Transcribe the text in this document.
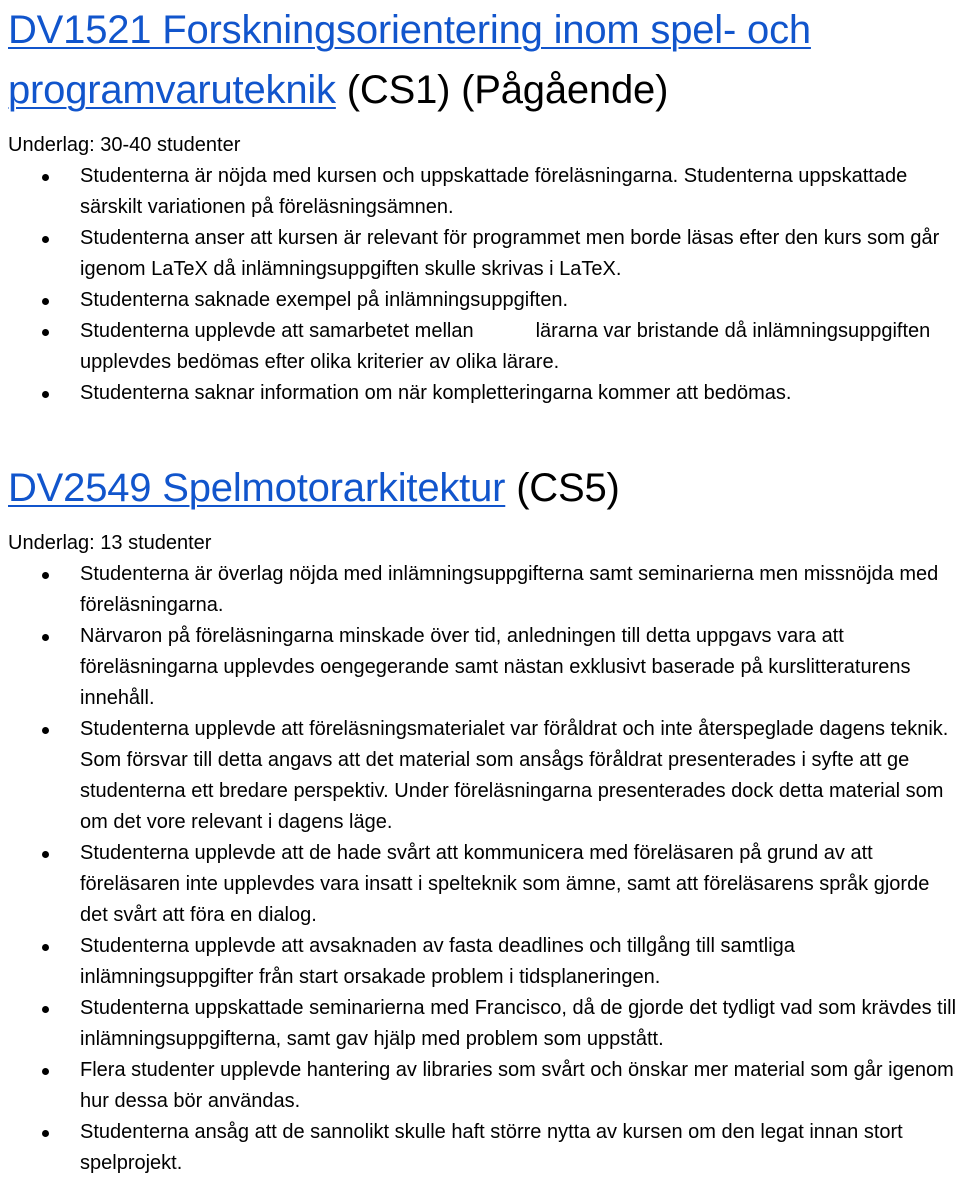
DV1521 Forskningsorientering inom spel- och programvaruteknik (CS1) (Pågående)

Underlag: 30-40 studenter

Studenterna är nöjda med kursen och uppskattade föreläsningarna. Studenterna uppskattade särskilt variationen på föreläsningsämnen.
Studenterna anser att kursen är relevant för programmet men borde läsas efter den kurs som går igenom LaTeX då inlämningsuppgiften skulle skrivas i LaTeX.
Studenterna saknade exempel på inlämningsuppgiften.
Studenterna upplevde att samarbetet mellan	lärarna var bristande då inlämningsuppgiften upplevdes bedömas efter olika kriterier av olika lärare.
Studenterna saknar information om när kompletteringarna kommer att bedömas.
DV2549 Spelmotorarkitektur (CS5)

Underlag: 13 studenter

Studenterna är överlag nöjda med inlämningsuppgifterna samt seminarierna men missnöjda med föreläsningarna.
Närvaron på föreläsningarna minskade över tid, anledningen till detta uppgavs vara att föreläsningarna upplevdes oengegerande samt nästan exklusivt baserade på kurslitteraturens innehåll.
Studenterna upplevde att föreläsningsmaterialet var föråldrat och inte återspeglade dagens teknik. Som försvar till detta angavs att det material som ansågs föråldrat presenterades i syfte att ge studenterna ett bredare perspektiv. Under föreläsningarna presenterades dock detta material som om det vore relevant i dagens läge.
Studenterna upplevde att de hade svårt att kommunicera med föreläsaren på grund av att föreläsaren inte upplevdes vara insatt i spelteknik som ämne, samt att föreläsarens språk gjorde det svårt att föra en dialog.
Studenterna upplevde att avsaknaden av fasta deadlines och tillgång till samtliga inlämningsuppgifter från start orsakade problem i tidsplaneringen.
Studenterna uppskattade seminarierna med Francisco, då de gjorde det tydligt vad som krävdes till inlämningsuppgifterna, samt gav hjälp med problem som uppstått.
Flera studenter upplevde hantering av libraries som svårt och önskar mer material som går igenom hur dessa bör användas.
Studenterna ansåg att de sannolikt skulle haft större nytta av kursen om den legat innan stort spelprojekt.
